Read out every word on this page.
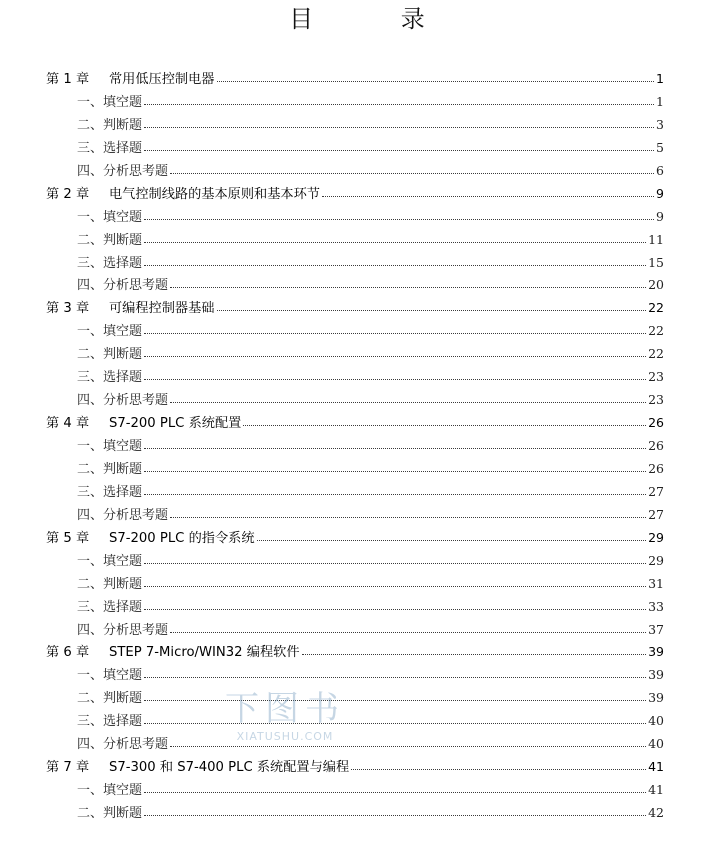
目 录
第 1 章	常用低压控制电器	1
一、填空题	1
二、判断题	3
三、选择题	5
四、分析思考题	6
第 2 章	电气控制线路的基本原则和基本环节	9
一、填空题	9
二、判断题	11
三、选择题	15
四、分析思考题	20
第 3 章	可编程控制器基础	22
一、填空题	22
二、判断题	22
三、选择题	23
四、分析思考题	23
第 4 章	S7-200 PLC 系统配置	26
一、填空题	26
二、判断题	26
三、选择题	27
四、分析思考题	27
第 5 章	S7-200 PLC 的指令系统	29
一、填空题	29
二、判断题	31
三、选择题	33
四、分析思考题	37
第 6 章	STEP 7-Micro/WIN32 编程软件	39
一、填空题	39
二、判断题	39
三、选择题	40
四、分析思考题	40
第 7 章	S7-300 和 S7-400 PLC 系统配置与编程	41
一、填空题	41
二、判断题	42
下图书
XIATUSHU.COM
